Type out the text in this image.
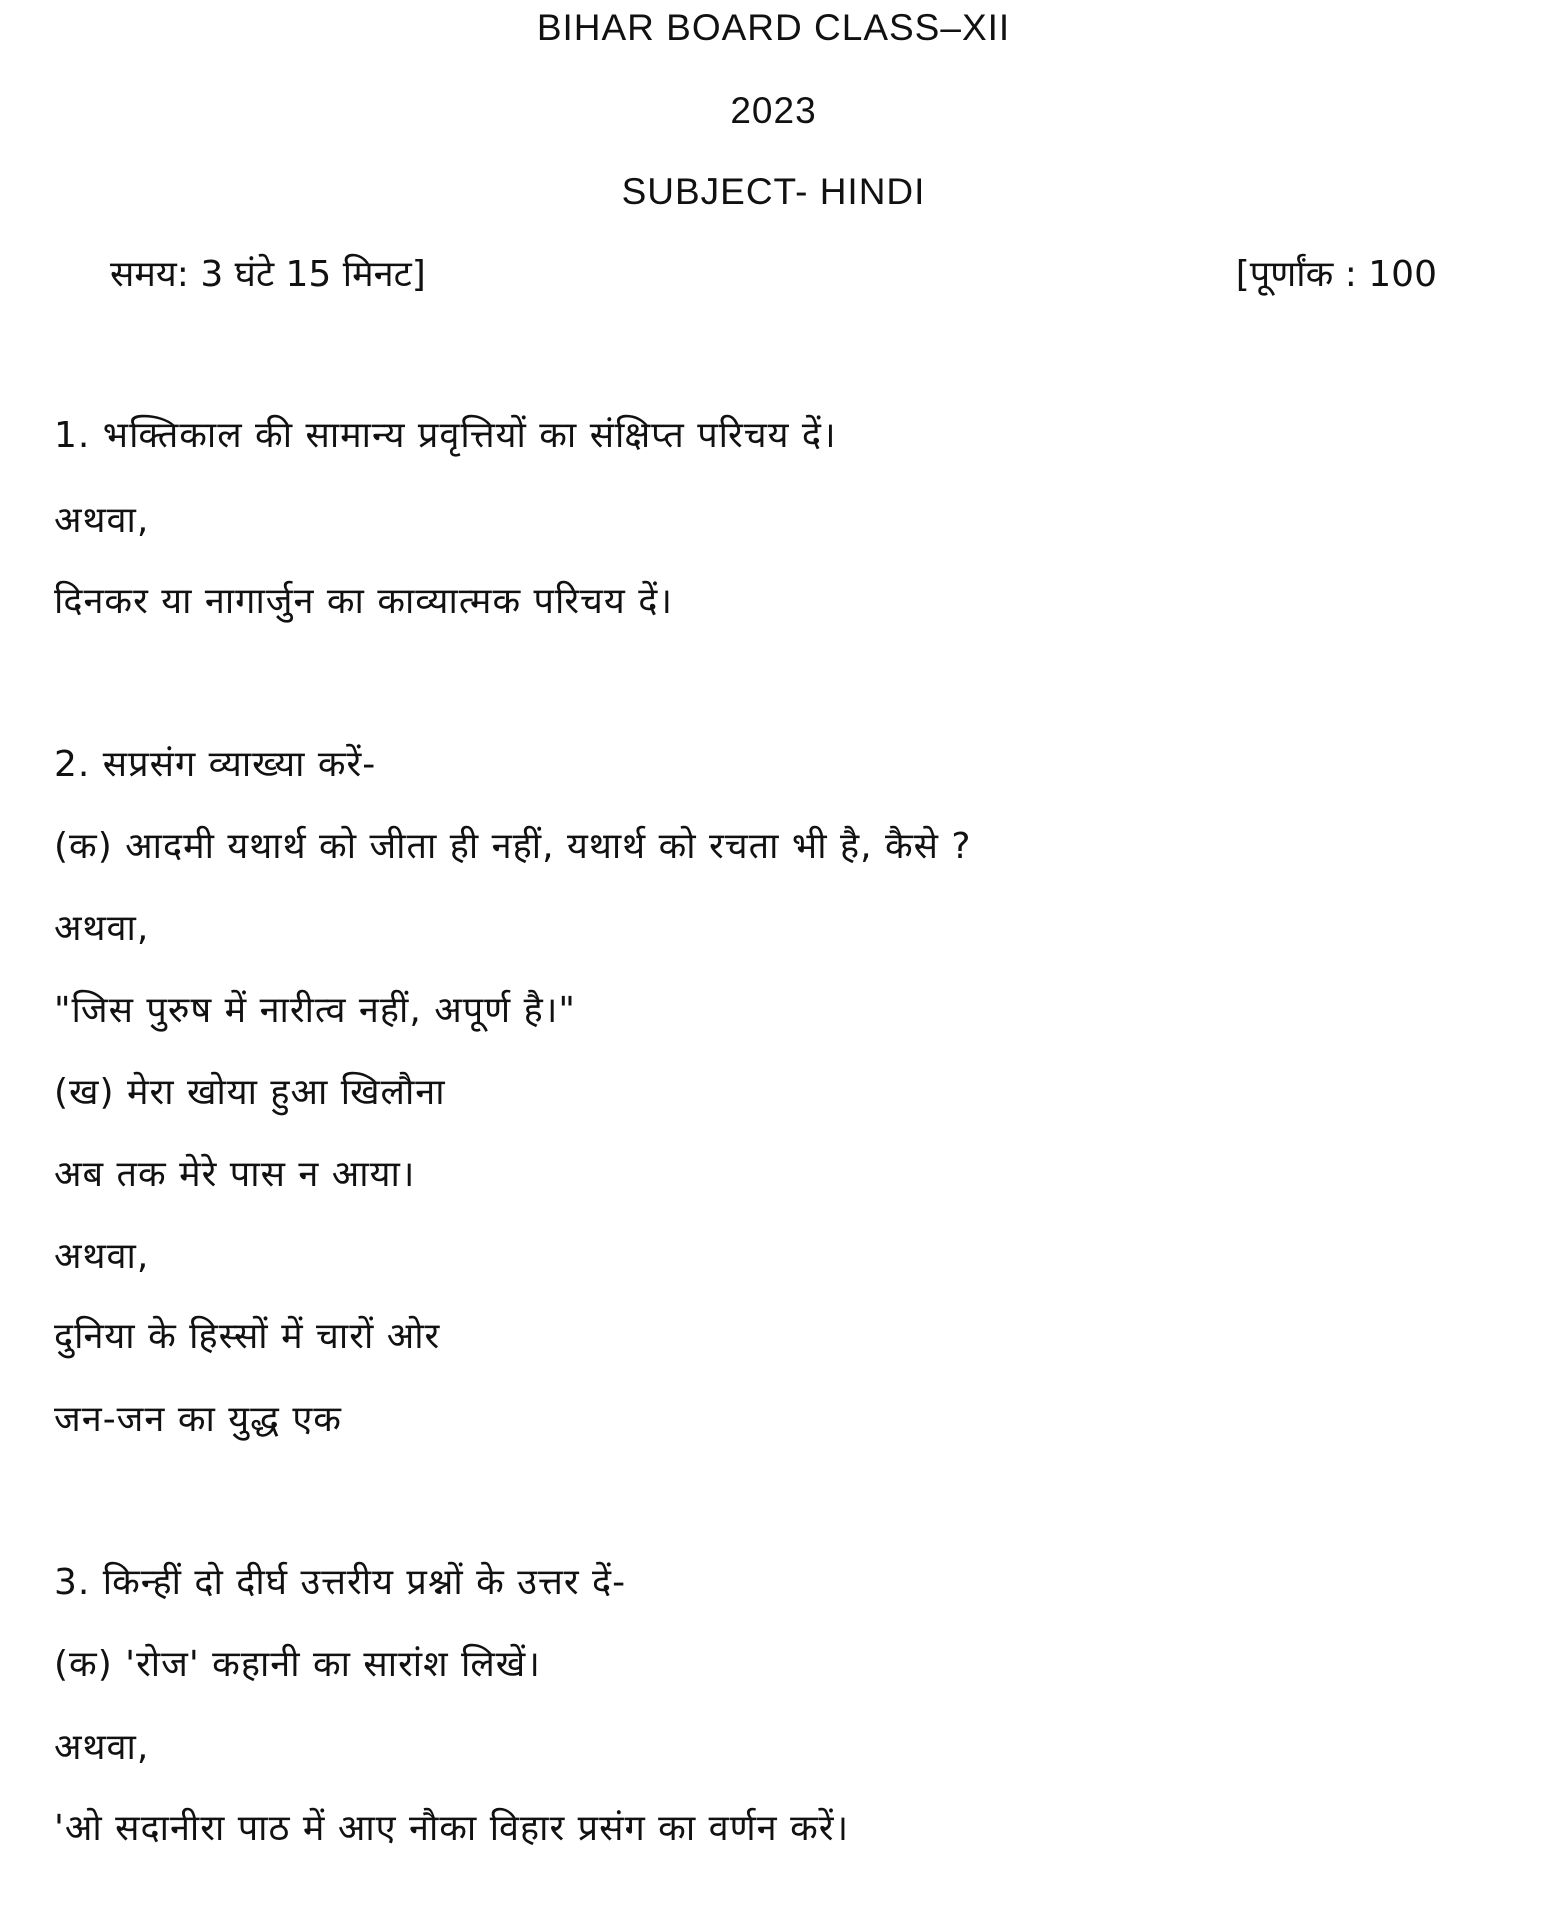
BIHAR BOARD CLASS–XII
2023
SUBJECT- HINDI
समय: 3 घंटे 15 मिनट]	[पूर्णांक : 100
1. भक्तिकाल की सामान्य प्रवृत्तियों का संक्षिप्त परिचय दें।
अथवा,
दिनकर या नागार्जुन का काव्यात्मक परिचय दें।
2. सप्रसंग व्याख्या करें-
(क) आदमी यथार्थ को जीता ही नहीं, यथार्थ को रचता भी है, कैसे ?
अथवा,
"जिस पुरुष में नारीत्व नहीं, अपूर्ण है।"
(ख) मेरा खोया हुआ खिलौना
अब तक मेरे पास न आया।
अथवा,
दुनिया के हिस्सों में चारों ओर
जन-जन का युद्ध एक
3. किन्हीं दो दीर्घ उत्तरीय प्रश्नों के उत्तर दें-
(क) 'रोज' कहानी का सारांश लिखें।
अथवा,
'ओ सदानीरा पाठ में आए नौका विहार प्रसंग का वर्णन करें।
